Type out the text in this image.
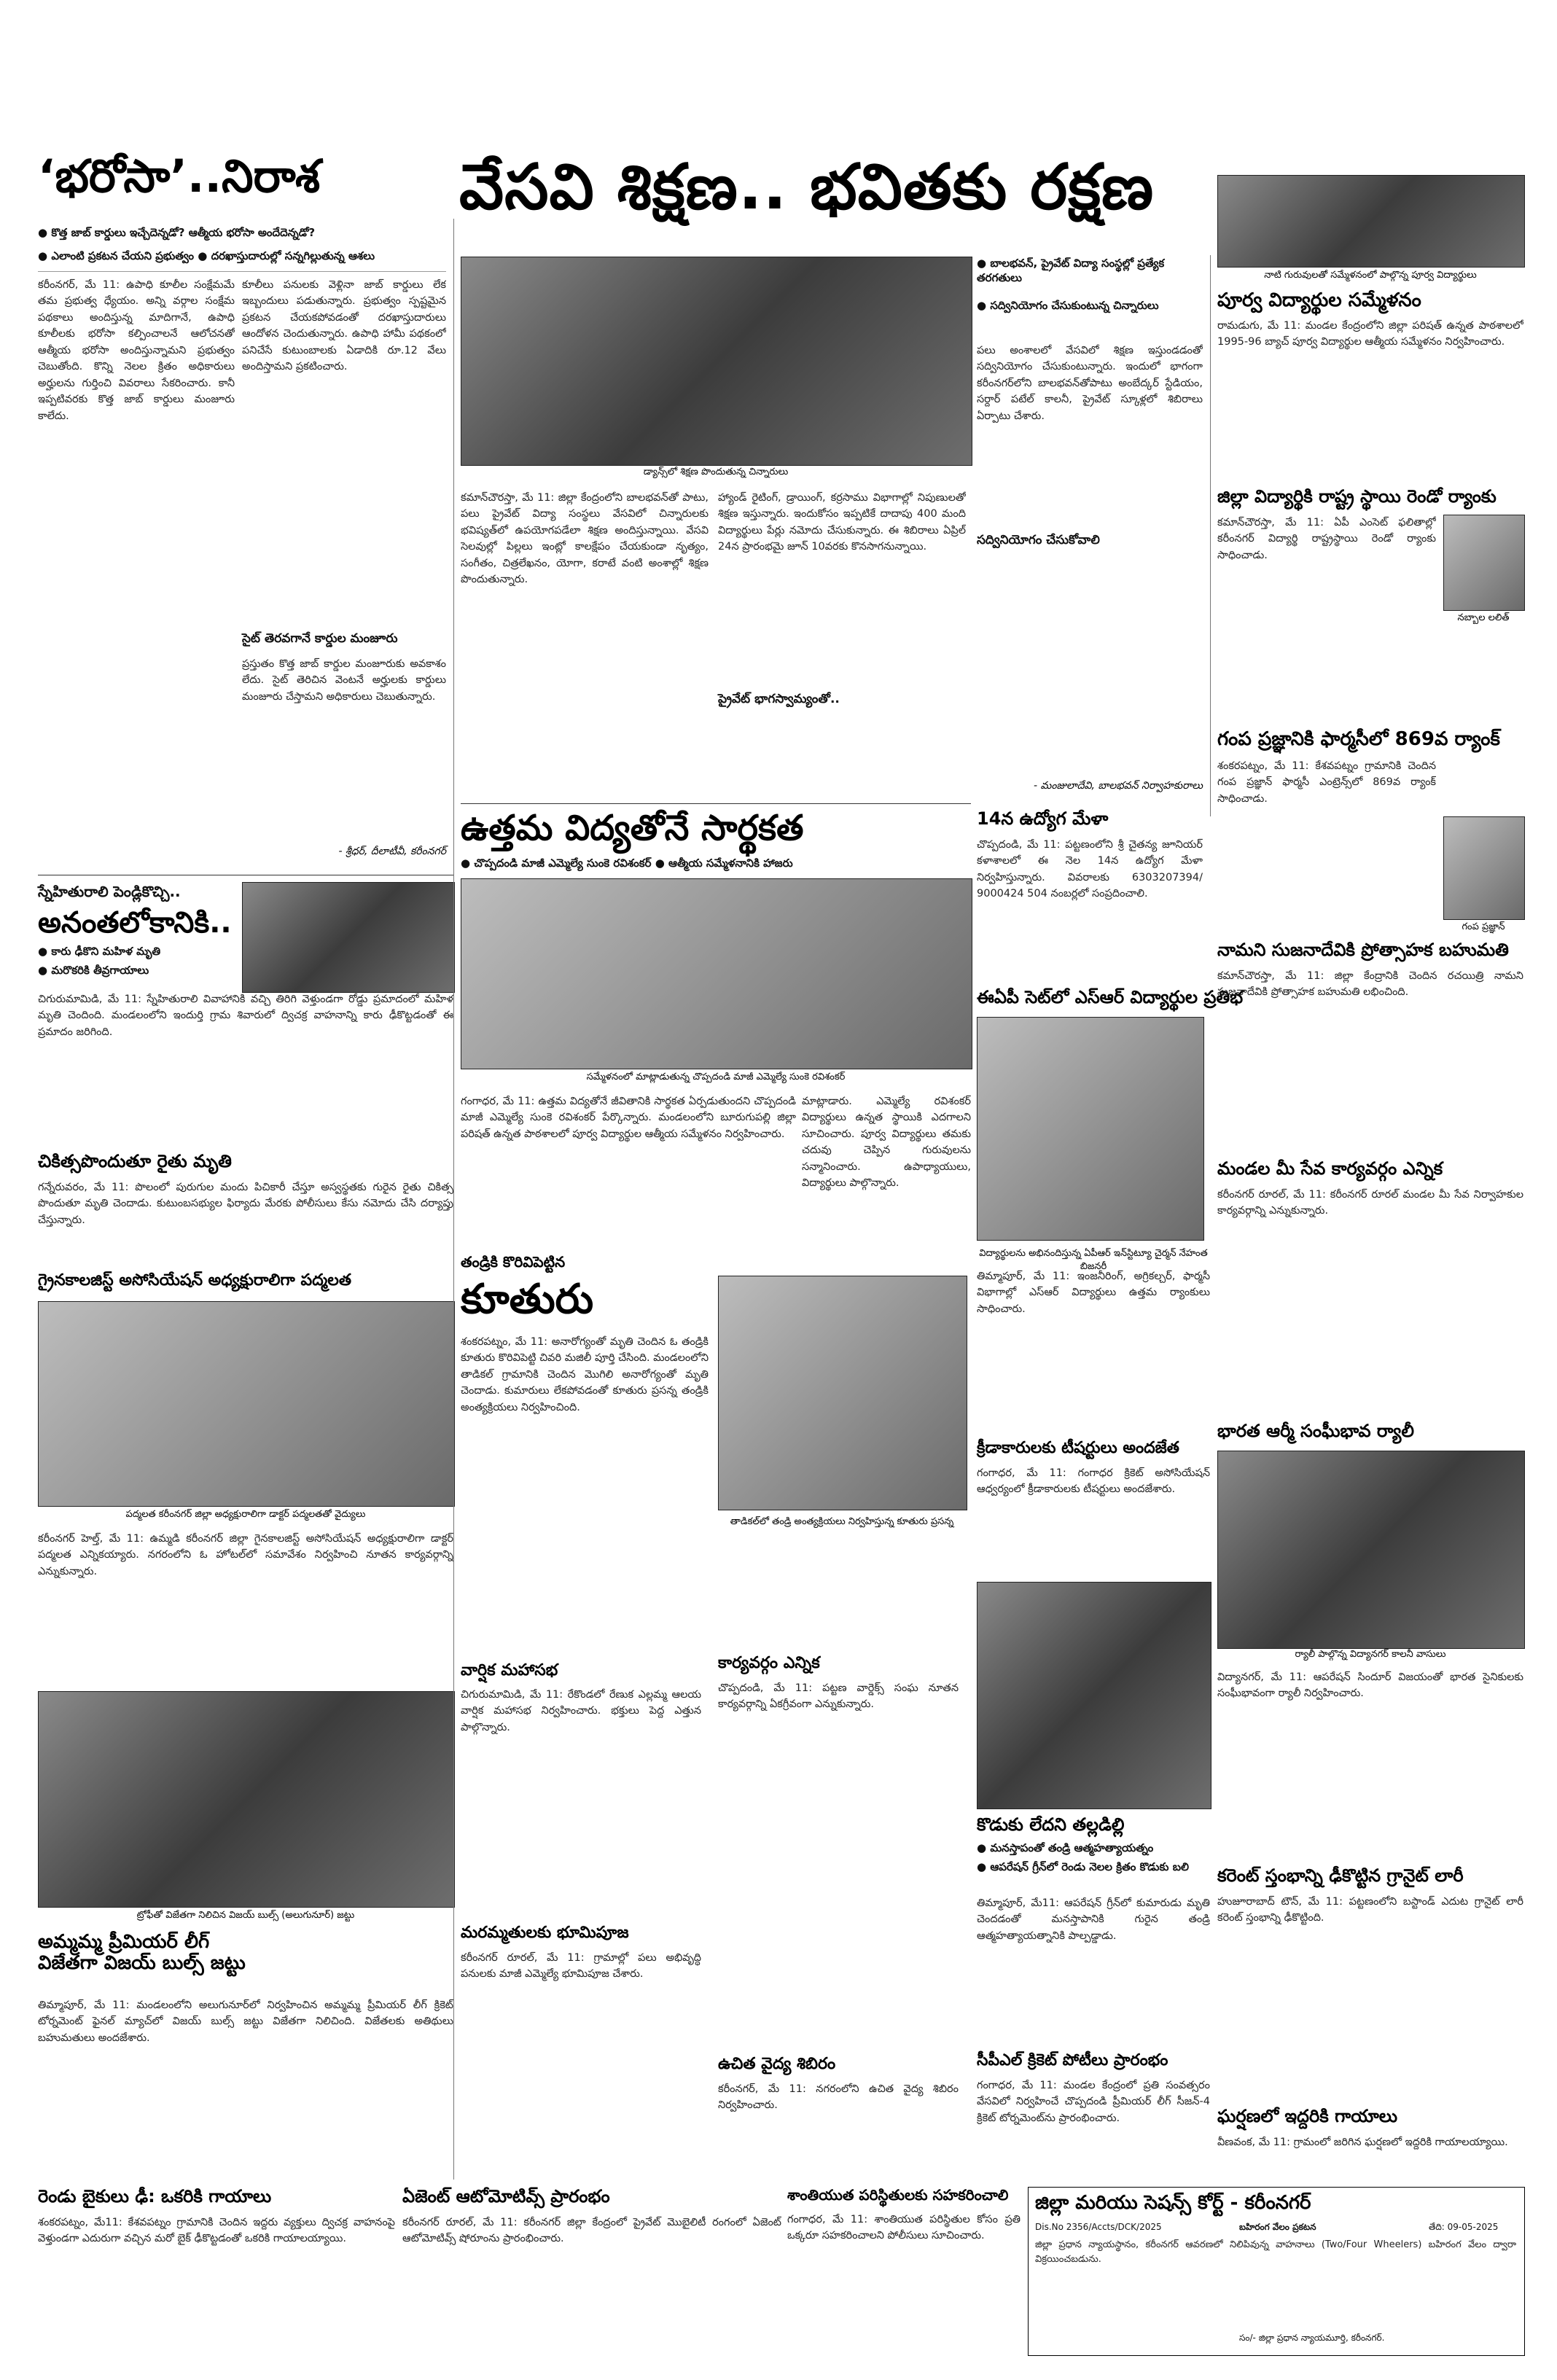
‘భరోసా’..నిరాశ
● కొత్త జాబ్ కార్డులు ఇచ్చేదెన్నడో? ఆత్మీయ భరోసా అందేదెన్నడో?
● ఎలాంటి ప్రకటన చేయని ప్రభుత్వం ● దరఖాస్తుదారుల్లో సన్నగిల్లుతున్న ఆశలు
కరీంనగర్, మే 11: ఉపాధి కూలీల సంక్షేమమే తమ ప్రభుత్వ ధ్యేయం. అన్ని వర్గాల సంక్షేమ పథకాలు అందిస్తున్న మాదిగానే, ఉపాధి కూలీలకు భరోసా కల్పించాలనే ఆలోచనతో ఆత్మీయ భరోసా అందిస్తున్నామని ప్రభుత్వం చెబుతోంది. కొన్ని నెలల క్రితం అధికారులు అర్హులను గుర్తించి వివరాలు సేకరించారు. కానీ ఇప్పటివరకు కొత్త జాబ్ కార్డులు మంజూరు కాలేదు.
కూలీలు పనులకు వెళ్లినా జాబ్ కార్డులు లేక ఇబ్బందులు పడుతున్నారు. ప్రభుత్వం స్పష్టమైన ప్రకటన చేయకపోవడంతో దరఖాస్తుదారులు ఆందోళన చెందుతున్నారు. ఉపాధి హామీ పథకంలో పనిచేసే కుటుంబాలకు ఏడాదికి రూ.12 వేలు అందిస్తామని ప్రకటించారు.
సైట్ తెరవగానే కార్డుల మంజూరు
ప్రస్తుతం కొత్త జాబ్ కార్డుల మంజూరుకు అవకాశం లేదు. సైట్ తెరిచిన వెంటనే అర్హులకు కార్డులు మంజూరు చేస్తామని అధికారులు చెబుతున్నారు.
- శ్రీధర్, దీలాటీవీ, కరీంనగర్
వేసవి శిక్షణ.. భవితకు రక్షణ
● బాలభవన్, ప్రైవేట్ విద్యా సంస్థల్లో ప్రత్యేక తరగతులు
● సద్వినియోగం చేసుకుంటున్న చిన్నారులు
డ్యాన్స్‌లో శిక్షణ పొందుతున్న చిన్నారులు
కమాన్‌చౌరస్తా, మే 11: జిల్లా కేంద్రంలోని బాలభవన్‌తో పాటు, పలు ప్రైవేట్ విద్యా సంస్థలు వేసవిలో చిన్నారులకు భవిష్యత్‌లో ఉపయోగపడేలా శిక్షణ అందిస్తున్నాయి. వేసవి సెలవుల్లో పిల్లలు ఇంట్లో కాలక్షేపం చేయకుండా నృత్యం, సంగీతం, చిత్రలేఖనం, యోగా, కరాటే వంటి అంశాల్లో శిక్షణ పొందుతున్నారు.
హ్యాండ్ రైటింగ్, డ్రాయింగ్, కర్రసాము విభాగాల్లో నిపుణులతో శిక్షణ ఇస్తున్నారు. ఇందుకోసం ఇప్పటికే దాదాపు 400 మంది విద్యార్థులు పేర్లు నమోదు చేసుకున్నారు. ఈ శిబిరాలు ఏప్రిల్ 24న ప్రారంభమై జూన్ 10వరకు కొనసాగనున్నాయి.
ప్రైవేట్‌ భాగస్వామ్యంతో..
పలు అంశాలలో వేసవిలో శిక్షణ ఇస్తుండడంతో సద్వినియోగం చేసుకుంటున్నారు. ఇందులో భాగంగా కరీంనగర్‌లోని బాలభవన్‌తోపాటు అంబేద్కర్ స్టేడియం, సర్దార్ పటేల్ కాలనీ, ప్రైవేట్ స్కూళ్లలో శిబిరాలు ఏర్పాటు చేశారు.
సద్వినియోగం చేసుకోవాలి
- మంజులాదేవి, బాలభవన్ నిర్వాహకురాలు
ఉత్తమ విద్యతోనే సార్థకత
● చొప్పదండి మాజీ ఎమ్మెల్యే సుంకె రవిశంకర్ ● ఆత్మీయ సమ్మేళనానికి హాజరు
సమ్మేళనంలో మాట్లాడుతున్న చొప్పదండి మాజీ ఎమ్మెల్యే సుంకె రవిశంకర్
గంగాధర, మే 11: ఉత్తమ విద్యతోనే జీవితానికి సార్థకత ఏర్పడుతుందని చొప్పదండి మాజీ ఎమ్మెల్యే సుంకె రవిశంకర్ పేర్కొన్నారు. మండలంలోని బూరుగుపల్లి జిల్లా పరిషత్ ఉన్నత పాఠశాలలో పూర్వ విద్యార్థుల ఆత్మీయ సమ్మేళనం నిర్వహించారు.
మాట్లాడారు. ఎమ్మెల్యే రవిశంకర్ విద్యార్థులు ఉన్నత స్థాయికి ఎదగాలని సూచించారు. పూర్వ విద్యార్థులు తమకు చదువు చెప్పిన గురువులను సన్మానించారు. ఉపాధ్యాయులు, విద్యార్థులు పాల్గొన్నారు.
14న ఉద్యోగ మేళా
చొప్పదండి, మే 11: పట్టణంలోని శ్రీ చైతన్య జూనియర్ కళాశాలలో ఈ నెల 14న ఉద్యోగ మేళా నిర్వహిస్తున్నారు. వివరాలకు 6303207394/ 9000424 504 నంబర్లలో సంప్రదించాలి.
ఈఏపీ సెట్‌లో ఎస్ఆర్ విద్యార్థుల ప్రతిభ
నాటి గురువులతో సమ్మేళనంలో పాల్గొన్న పూర్వ విద్యార్థులు
పూర్వ విద్యార్థుల సమ్మేళనం
రామడుగు, మే 11: మండల కేంద్రంలోని జిల్లా పరిషత్ ఉన్నత పాఠశాలలో 1995-96 బ్యాచ్ పూర్వ విద్యార్థుల ఆత్మీయ సమ్మేళనం నిర్వహించారు.
జిల్లా విద్యార్థికి రాష్ట్ర స్థాయి రెండో ర్యాంకు
కమాన్‌చౌరస్తా, మే 11: ఏపీ ఎంసెట్ ఫలితాల్లో కరీంనగర్ విద్యార్థి రాష్ట్రస్థాయి రెండో ర్యాంకు సాధించాడు.
నబ్బాల లలిత్
గంప ప్రజ్ఞానికి ఫార్మసీలో 869వ ర్యాంక్
శంకరపట్నం, మే 11: కేశవపట్నం గ్రామానికి చెందిన గంప ప్రజ్ఞాన్ ఫార్మసీ ఎంట్రెన్స్‌లో 869వ ర్యాంక్ సాధించాడు.
గంప ప్రజ్ఞాన్
నామని సుజనాదేవికి ప్రోత్సాహక బహుమతి
కమాన్‌చౌరస్తా, మే 11: జిల్లా కేంద్రానికి చెందిన రచయిత్రి నామని సుజనాదేవికి ప్రోత్సాహక బహుమతి లభించింది.
మండల మీ సేవ కార్యవర్గం ఎన్నిక
కరీంనగర్ రూరల్, మే 11: కరీంనగర్ రూరల్ మండల మీ సేవ నిర్వాహకుల కార్యవర్గాన్ని ఎన్నుకున్నారు.
భారత ఆర్మీ సంఘీభావ ర్యాలీ
ర్యాలీ పాల్గొన్న విద్యానగర్ కాలనీ వాసులు
విద్యానగర్, మే 11: ఆపరేషన్ సిందూర్ విజయంతో భారత సైనికులకు సంఘీభావంగా ర్యాలీ నిర్వహించారు.
కరెంట్ స్తంభాన్ని ఢీకొట్టిన గ్రానైట్ లారీ
హుజూరాబాద్ టౌన్, మే 11: పట్టణంలోని బస్టాండ్ ఎదుట గ్రానైట్ లారీ కరెంట్ స్తంభాన్ని ఢీకొట్టింది.
ఘర్షణలో ఇద్దరికి గాయాలు
వీణవంక, మే 11: గ్రామంలో జరిగిన ఘర్షణలో ఇద్దరికి గాయాలయ్యాయి.
స్నేహితురాలి పెండ్లికొచ్చి..
అనంతలోకానికి..
● కారు ఢీకొని మహిళ మృతి
● మరొకరికి తీవ్రగాయాలు
చిగురుమామిడి, మే 11: స్నేహితురాలి వివాహానికి వచ్చి తిరిగి వెళ్తుండగా రోడ్డు ప్రమాదంలో మహిళ మృతి చెందింది. మండలంలోని ఇందుర్తి గ్రామ శివారులో ద్విచక్ర వాహనాన్ని కారు ఢీకొట్టడంతో ఈ ప్రమాదం జరిగింది.
చికిత్సపొందుతూ రైతు మృతి
గన్నేరువరం, మే 11: పొలంలో పురుగుల మందు పిచికారీ చేస్తూ అస్వస్థతకు గురైన రైతు చికిత్స పొందుతూ మృతి చెందాడు. కుటుంబసభ్యుల ఫిర్యాదు మేరకు పోలీసులు కేసు నమోదు చేసి దర్యాప్తు చేస్తున్నారు.
గ్రైనకాలజిస్ట్ అసోసియేషన్ అధ్యక్షురాలిగా పద్మలత
పద్మలత కరీంనగర్ జిల్లా అధ్యక్షురాలిగా డాక్టర్ పద్మలతతో వైద్యులు
కరీంనగర్ హెల్త్, మే 11: ఉమ్మడి కరీంనగర్ జిల్లా గైనకాలజిస్ట్ అసోసియేషన్ అధ్యక్షురాలిగా డాక్టర్ పద్మలత ఎన్నికయ్యారు. నగరంలోని ఓ హోటల్‌లో సమావేశం నిర్వహించి నూతన కార్యవర్గాన్ని ఎన్నుకున్నారు.
ట్రోఫీతో విజేతగా నిలిచిన విజయ్ బుల్స్ (అలుగునూర్) జట్టు
అమ్మమ్మ ప్రీమియర్ లీగ్ విజేతగా విజయ్ బుల్స్ జట్టు
తిమ్మాపూర్, మే 11: మండలంలోని అలుగునూర్‌లో నిర్వహించిన అమ్మమ్మ ప్రీమియర్ లీగ్ క్రికెట్ టోర్నమెంట్ ఫైనల్ మ్యాచ్‌లో విజయ్ బుల్స్ జట్టు విజేతగా నిలిచింది. విజేతలకు అతిథులు బహుమతులు అందజేశారు.
రెండు బైకులు ఢీ: ఒకరికి గాయాలు
శంకరపట్నం, మే11: కేశవపట్నం గ్రామానికి చెందిన ఇద్దరు వ్యక్తులు ద్విచక్ర వాహనంపై వెళ్తుండగా ఎదురుగా వచ్చిన మరో బైక్ ఢీకొట్టడంతో ఒకరికి గాయాలయ్యాయి.
ఏజెంట్ ఆటోమోటివ్స్ ప్రారంభం
కరీంనగర్ రూరల్, మే 11: కరీంనగర్ జిల్లా కేంద్రంలో ప్రైవేట్ మొబైలిటీ రంగంలో ఏజెంట్ ఆటోమోటివ్స్ షోరూంను ప్రారంభించారు.
తండ్రికి కొరివిపెట్టిన
కూతురు
శంకరపట్నం, మే 11: అనారోగ్యంతో మృతి చెందిన ఓ తండ్రికి కూతురు కొరివిపెట్టి చివరి మజిలీ పూర్తి చేసింది. మండలంలోని తాడికల్ గ్రామానికి చెందిన మొగిలి అనారోగ్యంతో మృతి చెందాడు. కుమారులు లేకపోవడంతో కూతురు ప్రసన్న తండ్రికి అంత్యక్రియలు నిర్వహించింది.
తాడికల్‌లో తండ్రి అంత్యక్రియలు నిర్వహిస్తున్న కూతురు ప్రసన్న
వార్షిక మహాసభ
చిగురుమామిడి, మే 11: రేకొండలో రేణుక ఎల్లమ్మ ఆలయ వార్షిక మహాసభ నిర్వహించారు. భక్తులు పెద్ద ఎత్తున పాల్గొన్నారు.
మరమ్మతులకు భూమిపూజ
కరీంనగర్ రూరల్, మే 11: గ్రామాల్లో పలు అభివృద్ధి పనులకు మాజీ ఎమ్మెల్యే భూమిపూజ చేశారు.
కార్యవర్గం ఎన్నిక
చొప్పదండి, మే 11: పట్టణ వార్డెక్స్ సంఘ నూతన కార్యవర్గాన్ని ఏకగ్రీవంగా ఎన్నుకున్నారు.
ఉచిత వైద్య శిబిరం
కరీంనగర్, మే 11: నగరంలోని ఉచిత వైద్య శిబిరం నిర్వహించారు.
విద్యార్థులను అభినందిస్తున్న ఏపీఆర్ ఇన్‌స్టిట్యూ చైర్మన్ నేహంత బిజనరీ
తిమ్మాపూర్, మే 11: ఇంజనీరింగ్, అగ్రికల్చర్, ఫార్మసీ విభాగాల్లో ఎస్ఆర్ విద్యార్థులు ఉత్తమ ర్యాంకులు సాధించారు.
క్రీడాకారులకు టీషర్టులు అందజేత
గంగాధర, మే 11: గంగాధర క్రికెట్ అసోసియేషన్ ఆధ్వర్యంలో క్రీడాకారులకు టీషర్టులు అందజేశారు.
కొడుకు లేదని తల్లడిల్లి
● మనస్తాపంతో తండ్రి ఆత్మహత్యాయత్నం
● ఆపరేషన్ గ్రీన్‌లో రెండు నెలల క్రితం కొడుకు బలి
తిమ్మాపూర్, మే11: ఆపరేషన్ గ్రీన్‌లో కుమారుడు మృతి చెందడంతో మనస్తాపానికి గురైన తండ్రి ఆత్మహత్యాయత్నానికి పాల్పడ్డాడు.
సీపీఎల్ క్రికెట్ పోటీలు ప్రారంభం
గంగాధర, మే 11: మండల కేంద్రంలో ప్రతి సంవత్సరం వేసవిలో నిర్వహించే చొప్పదండి ప్రీమియర్ లీగ్ సీజన్-4 క్రికెట్ టోర్నమెంట్‌ను ప్రారంభించారు.
శాంతియుత పరిస్థితులకు సహకరించాలి
గంగాధర, మే 11: శాంతియుత పరిస్థితుల కోసం ప్రతి ఒక్కరూ సహకరించాలని పోలీసులు సూచించారు.
జిల్లా మరియు సెషన్స్ కోర్ట్ - కరీంనగర్
Dis.No 2356/Accts/DCK/2025	బహిరంగ వేలం ప్రకటన	తేది: 09-05-2025
జిల్లా ప్రధాన న్యాయస్థానం, కరీంనగర్ ఆవరణలో నిలిపివున్న వాహనాలు (Two/Four Wheelers) బహిరంగ వేలం ద్వారా విక్రయించబడును.
సం/- జిల్లా ప్రధాన న్యాయమూర్తి, కరీంనగర్.
